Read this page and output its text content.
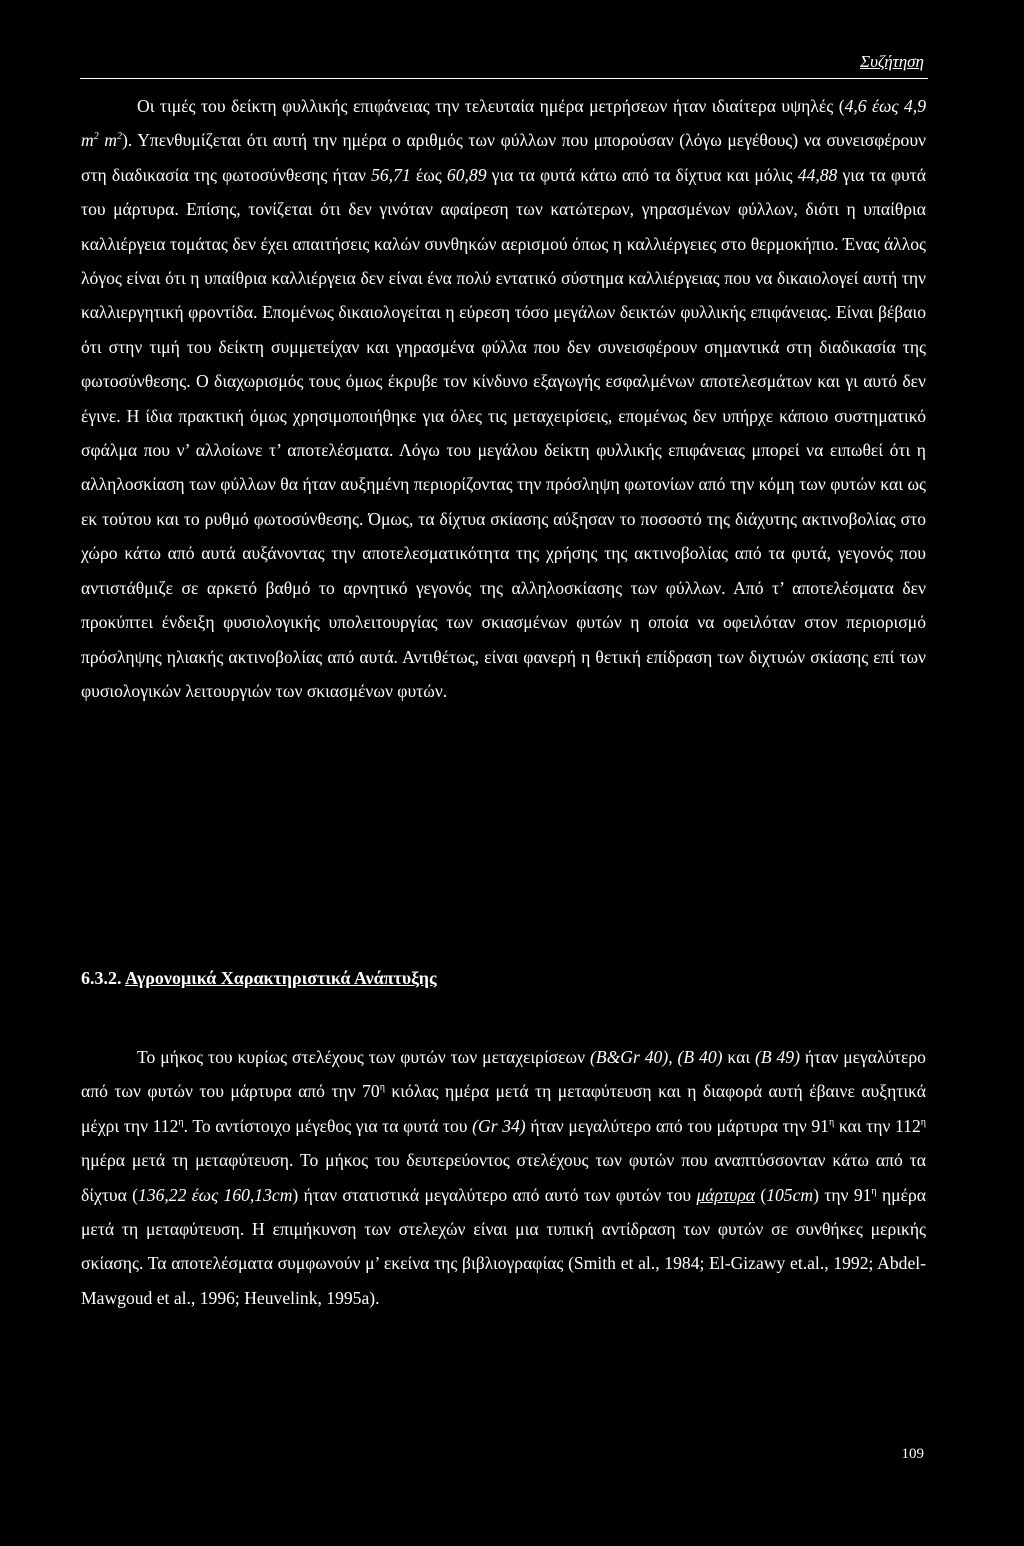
Συζήτηση

Οι τιμές του δείκτη φυλλικής επιφάνειας την τελευταία ημέρα μετρήσεων ήταν ιδιαίτερα υψηλές (4,6 έως 4,9 $m^2$ $m^2$). Υπενθυμίζεται ότι αυτή την ημέρα ο αριθμός των φύλλων που μπορούσαν (λόγω μεγέθους) να συνεισφέρουν στη διαδικασία της φωτοσύνθεσης ήταν 56,71 έως 60,89 για τα φυτά κάτω από τα δίχτυα και μόλις 44,88 για τα φυτά του μάρτυρα. Επίσης, τονίζεται ότι δεν γινόταν αφαίρεση των κατώτερων, γηρασμένων φύλλων, διότι η υπαίθρια καλλιέργεια τομάτας δεν έχει απαιτήσεις καλών συνθηκών αερισμού όπως η καλλιέργειες στο θερμοκήπιο. Ένας άλλος λόγος είναι ότι η υπαίθρια καλλιέργεια δεν είναι ένα πολύ εντατικό σύστημα καλλιέργειας που να δικαιολογεί αυτή την καλλιεργητική φροντίδα. Επομένως δικαιολογείται η εύρεση τόσο μεγάλων δεικτών φυλλικής επιφάνειας. Είναι βέβαιο ότι στην τιμή του δείκτη συμμετείχαν και γηρασμένα φύλλα που δεν συνεισφέρουν σημαντικά στη διαδικασία της φωτοσύνθεσης. Ο διαχωρισμός τους όμως έκρυβε τον κίνδυνο εξαγωγής εσφαλμένων αποτελεσμάτων και γι αυτό δεν έγινε. Η ίδια πρακτική όμως χρησιμοποιήθηκε για όλες τις μεταχειρίσεις, επομένως δεν υπήρχε κάποιο συστηματικό σφάλμα που ν’ αλλοίωνε τ’ αποτελέσματα. Λόγω του μεγάλου δείκτη φυλλικής επιφάνειας μπορεί να ειπωθεί ότι η αλληλοσκίαση των φύλλων θα ήταν αυξημένη περιορίζοντας την πρόσληψη φωτονίων από την κόμη των φυτών και ως εκ τούτου και το ρυθμό φωτοσύνθεσης. Όμως, τα δίχτυα σκίασης αύξησαν το ποσοστό της διάχυτης ακτινοβολίας στο χώρο κάτω από αυτά αυξάνοντας την αποτελεσματικότητα της χρήσης της ακτινοβολίας από τα φυτά, γεγονός που αντιστάθμιζε σε αρκετό βαθμό το αρνητικό γεγονός της αλληλοσκίασης των φύλλων. Από τ’ αποτελέσματα δεν προκύπτει ένδειξη φυσιολογικής υπολειτουργίας των σκιασμένων φυτών η οποία να οφειλόταν στον περιορισμό πρόσληψης ηλιακής ακτινοβολίας από αυτά. Αντιθέτως, είναι φανερή η θετική επίδραση των διχτυών σκίασης επί των φυσιολογικών λειτουργιών των σκιασμένων φυτών.

6.3.2. Αγρονομικά Χαρακτηριστικά Ανάπτυξης

Το μήκος του κυρίως στελέχους των φυτών των μεταχειρίσεων (B&Gr 40), (B 40) και (B 49) ήταν μεγαλύτερο από των φυτών του μάρτυρα από την $70^\eta$ κιόλας ημέρα μετά τη μεταφύτευση και η διαφορά αυτή έβαινε αυξητικά μέχρι την $112^\eta$. Το αντίστοιχο μέγεθος για τα φυτά του (Gr 34) ήταν μεγαλύτερο από του μάρτυρα την $91^\eta$ και την $112^\eta$ ημέρα μετά τη μεταφύτευση. Το μήκος του δευτερεύοντος στελέχους των φυτών που αναπτύσσονταν κάτω από τα δίχτυα (136,22 έως 160,13cm) ήταν στατιστικά μεγαλύτερο από αυτό των φυτών του μάρτυρα (105cm) την $91^\eta$ ημέρα μετά τη μεταφύτευση. Η επιμήκυνση των στελεχών είναι μια τυπική αντίδραση των φυτών σε συνθήκες μερικής σκίασης. Τα αποτελέσματα συμφωνούν μ’ εκείνα της βιβλιογραφίας (Smith et al., 1984; El-Gizawy et.al., 1992; Abdel-Mawgoud et al., 1996; Heuvelink, 1995a).

109
